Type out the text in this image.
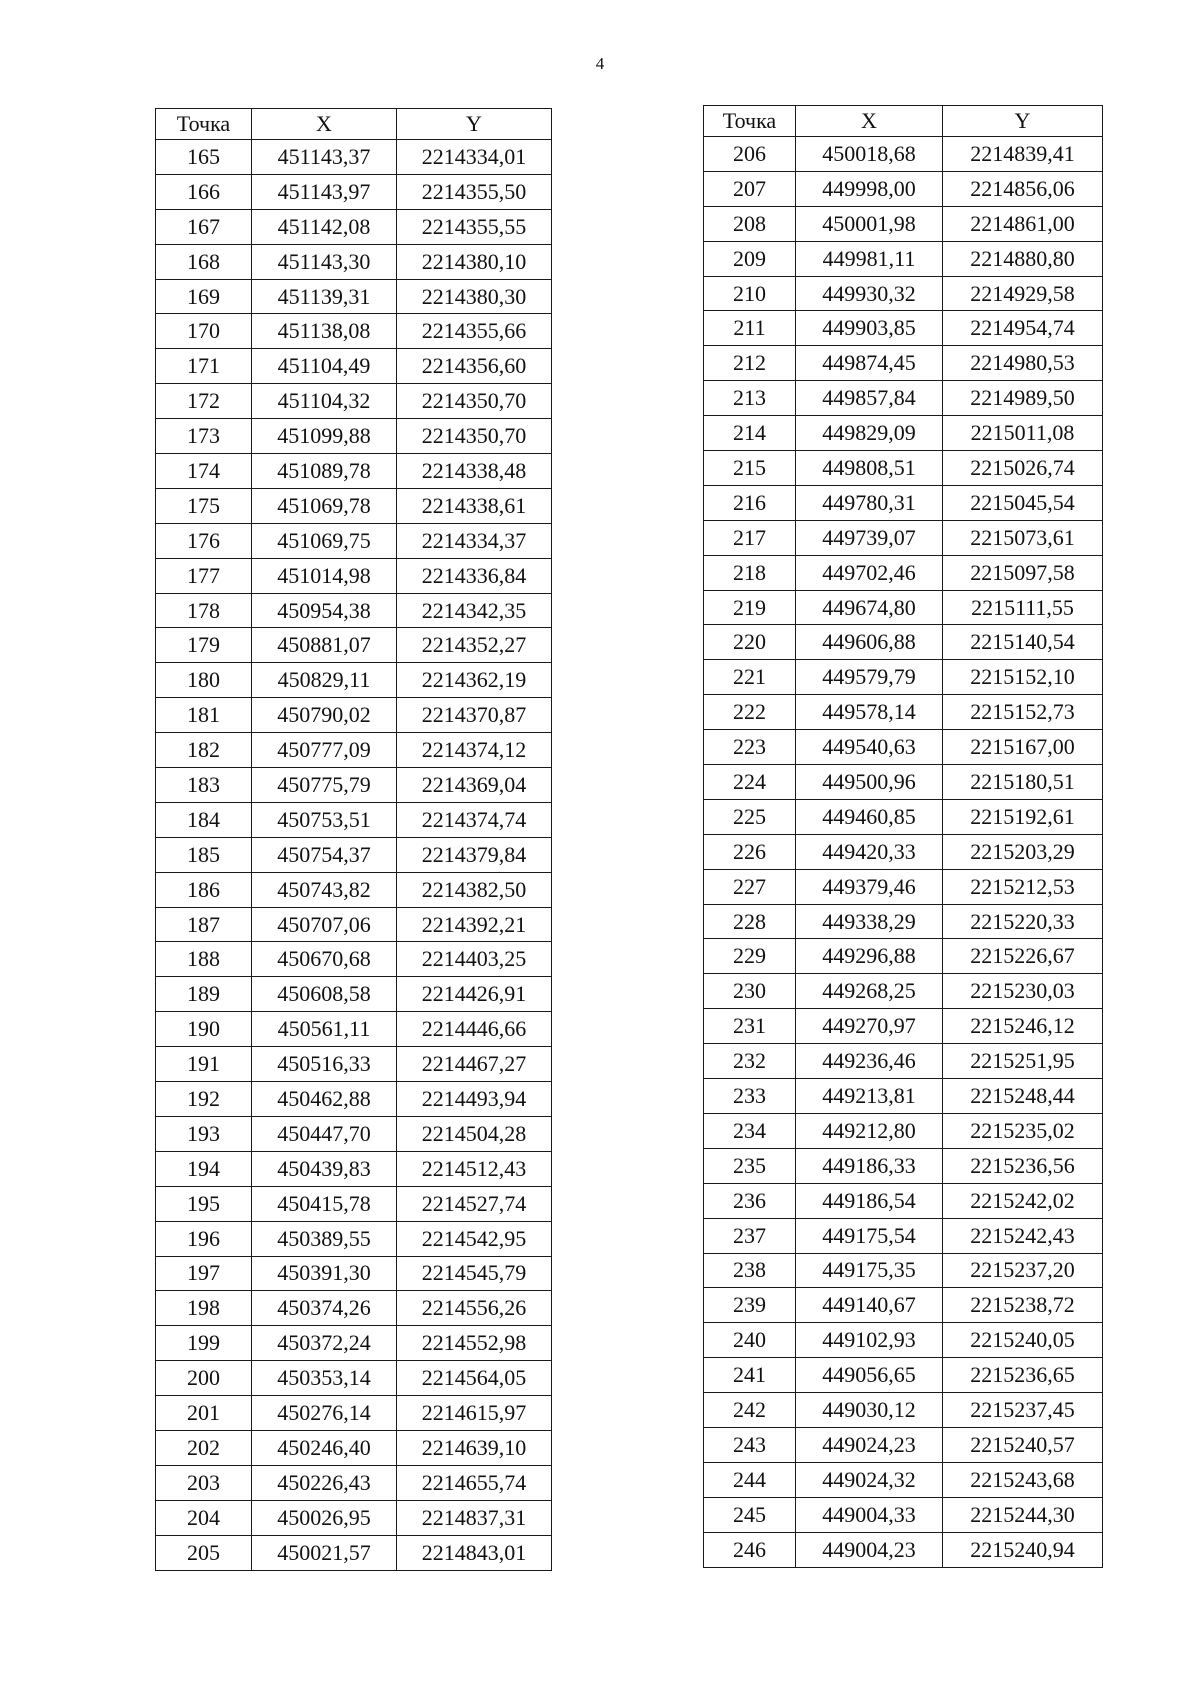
4
Точка	X	Y
165	451143,37	2214334,01
166	451143,97	2214355,50
167	451142,08	2214355,55
168	451143,30	2214380,10
169	451139,31	2214380,30
170	451138,08	2214355,66
171	451104,49	2214356,60
172	451104,32	2214350,70
173	451099,88	2214350,70
174	451089,78	2214338,48
175	451069,78	2214338,61
176	451069,75	2214334,37
177	451014,98	2214336,84
178	450954,38	2214342,35
179	450881,07	2214352,27
180	450829,11	2214362,19
181	450790,02	2214370,87
182	450777,09	2214374,12
183	450775,79	2214369,04
184	450753,51	2214374,74
185	450754,37	2214379,84
186	450743,82	2214382,50
187	450707,06	2214392,21
188	450670,68	2214403,25
189	450608,58	2214426,91
190	450561,11	2214446,66
191	450516,33	2214467,27
192	450462,88	2214493,94
193	450447,70	2214504,28
194	450439,83	2214512,43
195	450415,78	2214527,74
196	450389,55	2214542,95
197	450391,30	2214545,79
198	450374,26	2214556,26
199	450372,24	2214552,98
200	450353,14	2214564,05
201	450276,14	2214615,97
202	450246,40	2214639,10
203	450226,43	2214655,74
204	450026,95	2214837,31
205	450021,57	2214843,01
Точка	X	Y
206	450018,68	2214839,41
207	449998,00	2214856,06
208	450001,98	2214861,00
209	449981,11	2214880,80
210	449930,32	2214929,58
211	449903,85	2214954,74
212	449874,45	2214980,53
213	449857,84	2214989,50
214	449829,09	2215011,08
215	449808,51	2215026,74
216	449780,31	2215045,54
217	449739,07	2215073,61
218	449702,46	2215097,58
219	449674,80	2215111,55
220	449606,88	2215140,54
221	449579,79	2215152,10
222	449578,14	2215152,73
223	449540,63	2215167,00
224	449500,96	2215180,51
225	449460,85	2215192,61
226	449420,33	2215203,29
227	449379,46	2215212,53
228	449338,29	2215220,33
229	449296,88	2215226,67
230	449268,25	2215230,03
231	449270,97	2215246,12
232	449236,46	2215251,95
233	449213,81	2215248,44
234	449212,80	2215235,02
235	449186,33	2215236,56
236	449186,54	2215242,02
237	449175,54	2215242,43
238	449175,35	2215237,20
239	449140,67	2215238,72
240	449102,93	2215240,05
241	449056,65	2215236,65
242	449030,12	2215237,45
243	449024,23	2215240,57
244	449024,32	2215243,68
245	449004,33	2215244,30
246	449004,23	2215240,94
